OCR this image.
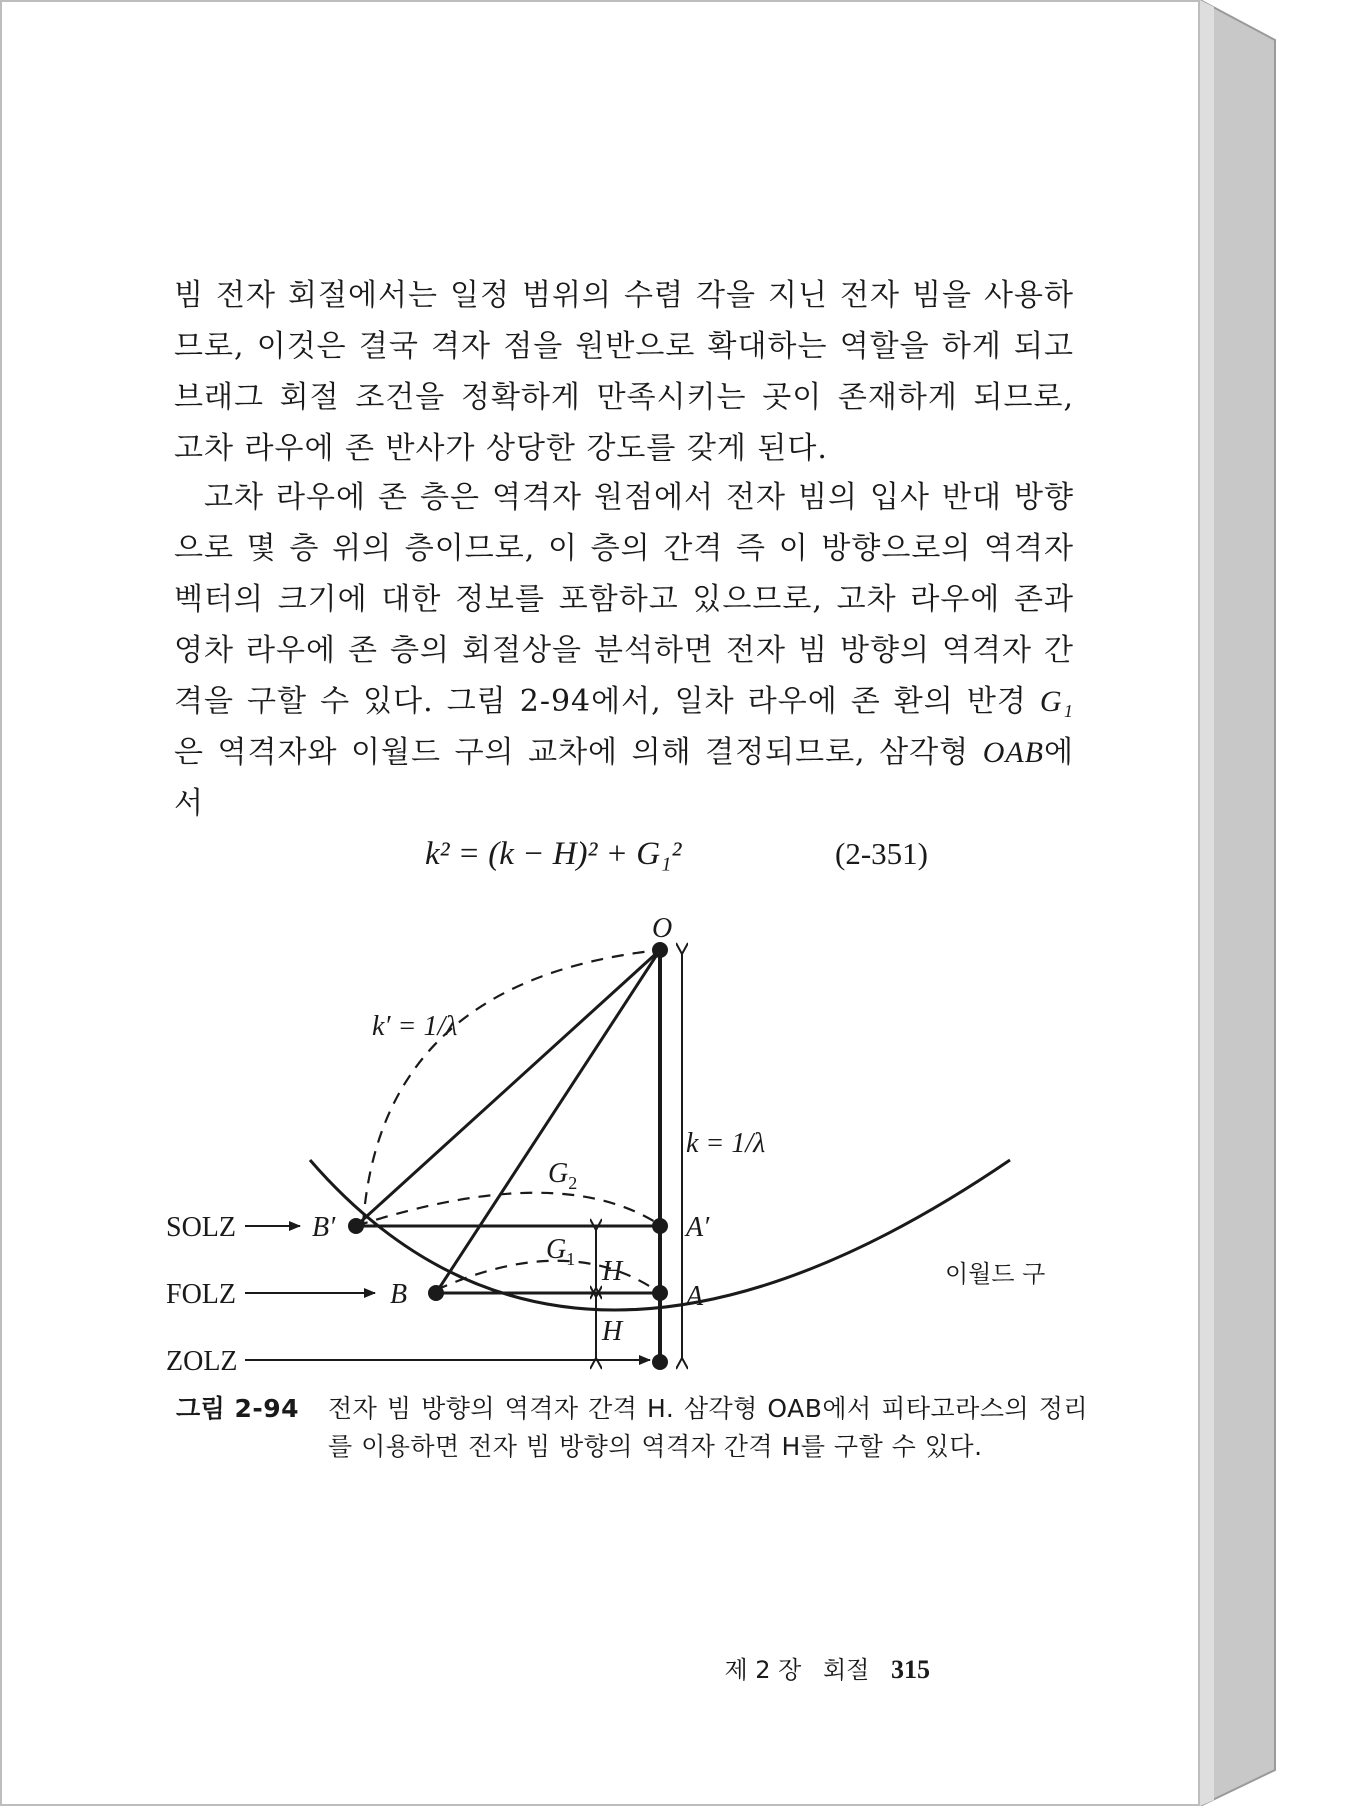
빔 전자 회절에서는 일정 범위의 수렴 각을 지닌 전자 빔을 사용하므로, 이것은 결국 격자 점을 원반으로 확대하는 역할을 하게 되고 브래그 회절 조건을 정확하게 만족시키는 곳이 존재하게 되므로, 고차 라우에 존 반사가 상당한 강도를 갖게 된다.

고차 라우에 존 층은 역격자 원점에서 전자 빔의 입사 반대 방향으로 몇 층 위의 층이므로, 이 층의 간격 즉 이 방향으로의 역격자 벡터의 크기에 대한 정보를 포함하고 있으므로, 고차 라우에 존과 영차 라우에 존 층의 회절상을 분석하면 전자 빔 방향의 역격자 간격을 구할 수 있다. 그림 2-94에서, 일차 라우에 존 환의 반경 G₁은 역격자와 이월드 구의 교차에 의해 결정되므로, 삼각형 OAB에서

k² = (k − H)² + G₁²	(2-351)
O
k′ = 1/λ
k = 1/λ
$G_2$
$G_1$ H
H
B′
B
A′
A
SOLZ
FOLZ
ZOLZ
이월드 구
그림 2-94 전자 빔 방향의 역격자 간격 H. 삼각형 OAB에서 피타고라스의 정리를 이용하면 전자 빔 방향의 역격자 간격 H를 구할 수 있다.

제 2 장 회절 315
